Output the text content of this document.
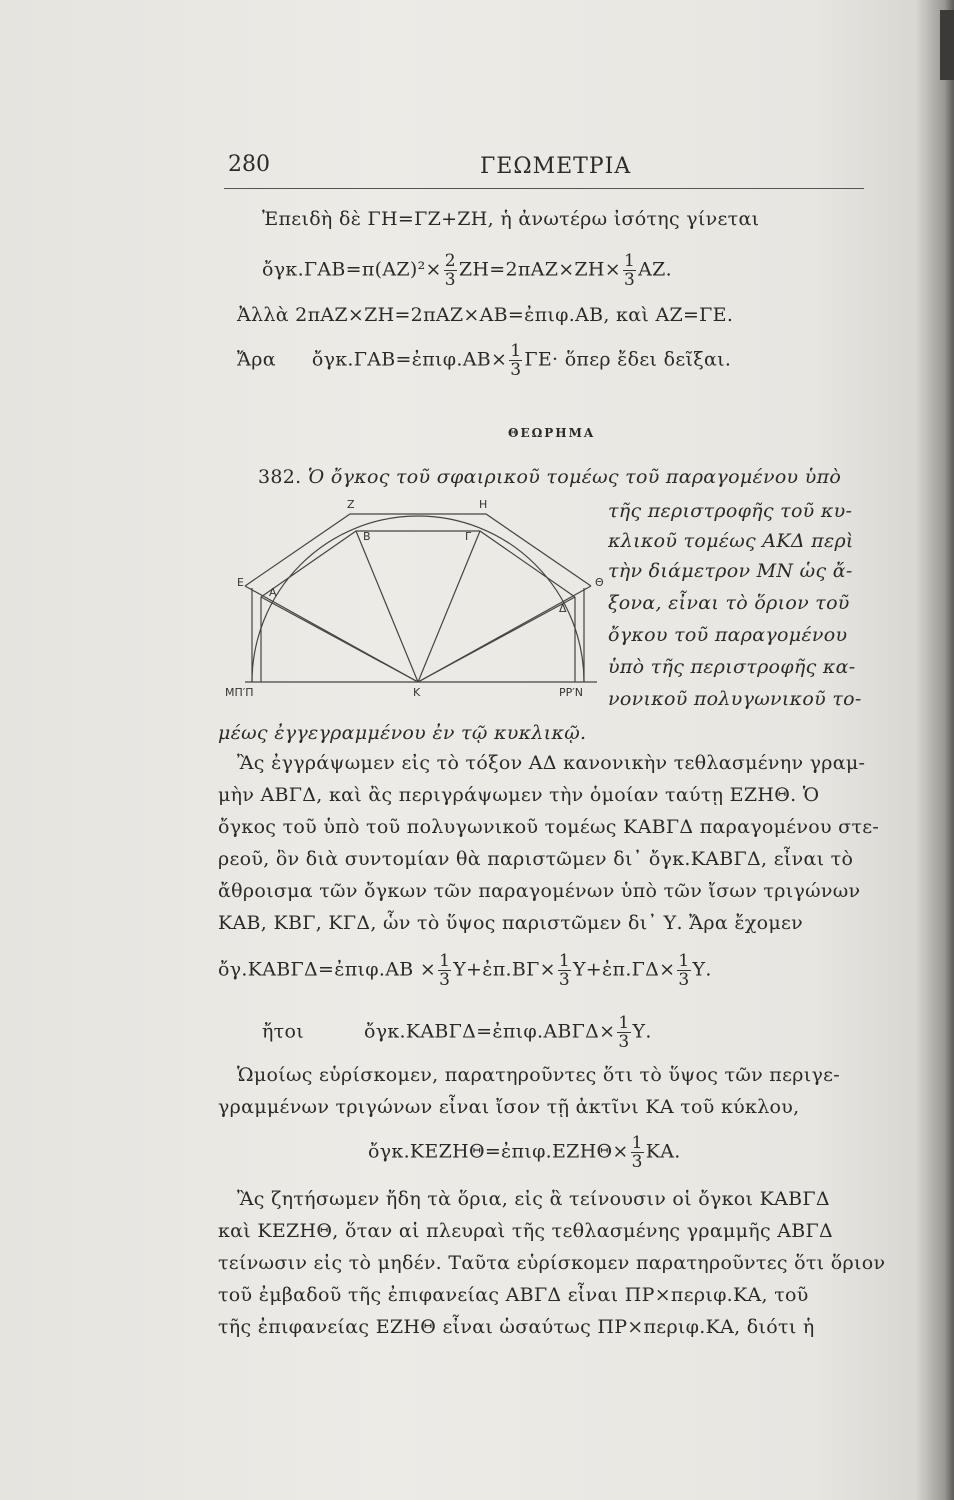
280	ΓΕΩΜΕΤΡΙΑ
Ἐπειδὴ δὲ ΓΗ=ΓΖ+ΖΗ, ἡ ἀνωτέρω ἰσότης γίνεται
ὄγκ.ΓΑΒ=π(ΑΖ)²× $\frac{2}{3} ZH=2\pi AZ\times ZH\times \frac{1}{3} AZ$.
Ἀλλὰ 2πΑΖ×ΖΗ=2πΑΖ×ΑΒ=ἐπιφ.ΑΒ, καὶ ΑΖ=ΓΕ.
Ἄρα ὄγκ.ΓΑΒ=ἐπιφ.ΑΒ× $\frac{1}{3} \Gamma E\cdot$ ὅπερ ἔδει δεῖξαι.
ΘΕΩΡΗΜΑ
382. Ὁ ὄγκος τοῦ σφαιρικοῦ τομέως τοῦ παραγομένου ὑπὸ
τῆς περιστροφῆς τοῦ κυ-
κλικοῦ τομέως ΑΚΔ περὶ
τὴν διάμετρον ΜΝ ὡς ἄ-
ξονα, εἶναι τὸ ὅριον τοῦ
ὄγκου τοῦ παραγομένου
ὑπὸ τῆς περιστροφῆς κα-
νονικοῦ πολυγωνικοῦ το-
μέως ἐγγεγραμμένου ἐν τῷ κυκλικῷ.
Ζ	Η
Β	Γ
Ε
Α
Θ
Δ
ΜΠ′Π	Κ	ΡΡ′Ν
Ἂς ἐγγράψωμεν εἰς τὸ τόξον ΑΔ κανονικὴν τεθλασμένην γραμ-
μὴν ΑΒΓΔ, καὶ ἂς περιγράψωμεν τὴν ὁμοίαν ταύτῃ ΕΖΗΘ. Ὁ
ὄγκος τοῦ ὑπὸ τοῦ πολυγωνικοῦ τομέως ΚΑΒΓΔ παραγομένου στε-
ρεοῦ, ὃν διὰ συντομίαν θὰ παριστῶμεν δι᾽ ὄγκ.ΚΑΒΓΔ, εἶναι τὸ
ἄθροισμα τῶν ὄγκων τῶν παραγομένων ὑπὸ τῶν ἴσων τριγώνων
ΚΑΒ, ΚΒΓ, ΚΓΔ, ὧν τὸ ὕψος παριστῶμεν δι᾽ Υ. Ἄρα ἔχομεν
ὄγ.ΚΑΒΓΔ=ἐπιφ.ΑΒ × $\frac{1}{3}$ Υ+ἐπ.ΒΓ× $\frac{1}{3}$ Υ+ἐπ.ΓΔ× $\frac{1}{3} \Upsilon$.
ἤτοι	ὄγκ.ΚΑΒΓΔ=ἐπιφ.ΑΒΓΔ× $\frac{1}{3} \Upsilon$.
Ὡμοίως εὑρίσκομεν, παρατηροῦντες ὅτι τὸ ὕψος τῶν περιγε-
γραμμένων τριγώνων εἶναι ἴσον τῇ ἀκτῖνι ΚΑ τοῦ κύκλου,
ὄγκ.ΚΕΖΗΘ=ἐπιφ.ΕΖΗΘ× $\frac{1}{3} KA$.
Ἂς ζητήσωμεν ἤδη τὰ ὅρια, εἰς ἃ τείνουσιν οἱ ὄγκοι ΚΑΒΓΔ
καὶ ΚΕΖΗΘ, ὅταν αἱ πλευραὶ τῆς τεθλασμένης γραμμῆς ΑΒΓΔ
τείνωσιν εἰς τὸ μηδέν. Ταῦτα εὑρίσκομεν παρατηροῦντες ὅτι ὅριον
τοῦ ἐμβαδοῦ τῆς ἐπιφανείας ΑΒΓΔ εἶναι ΠΡ×περιφ.ΚΑ, τοῦ
τῆς ἐπιφανείας ΕΖΗΘ εἶναι ὡσαύτως ΠΡ×περιφ.ΚΑ, διότι ἡ
